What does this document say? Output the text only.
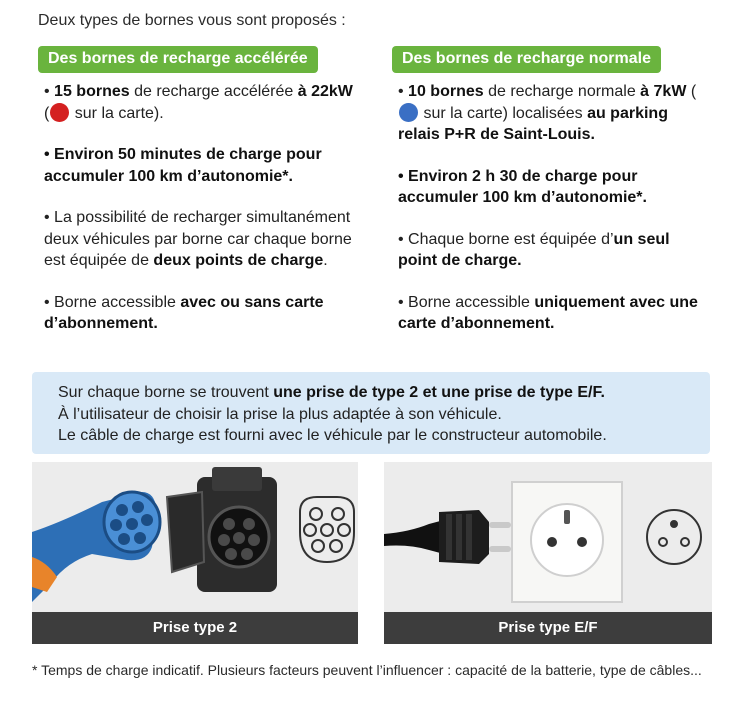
Deux types de bornes vous sont proposés :
Des bornes de recharge accélérée
• 15 bornes de recharge accélérée à 22kW ( sur la carte).
• Environ 50 minutes de charge pour accumuler 100 km d’autonomie*.
• La possibilité de recharger simultanément deux véhicules par borne car chaque borne est équipée de deux points de charge.
• Borne accessible avec ou sans carte d’abonnement.
Des bornes de recharge normale
• 10 bornes de recharge normale à 7kW ( sur la carte) localisées au parking relais P+R de Saint-Louis.
• Environ 2 h 30 de charge pour accumuler 100 km d’autonomie*.
• Chaque borne est équipée d’un seul point de charge.
• Borne accessible uniquement avec une carte d’abonnement.
Sur chaque borne se trouvent une prise de type 2 et une prise de type E/F.
À l’utilisateur de choisir la prise la plus adaptée à son véhicule.
Le câble de charge est fourni avec le véhicule par le constructeur automobile.
Prise type 2	Prise type E/F
* Temps de charge indicatif. Plusieurs facteurs peuvent l’influencer : capacité de la batterie, type de câbles...
